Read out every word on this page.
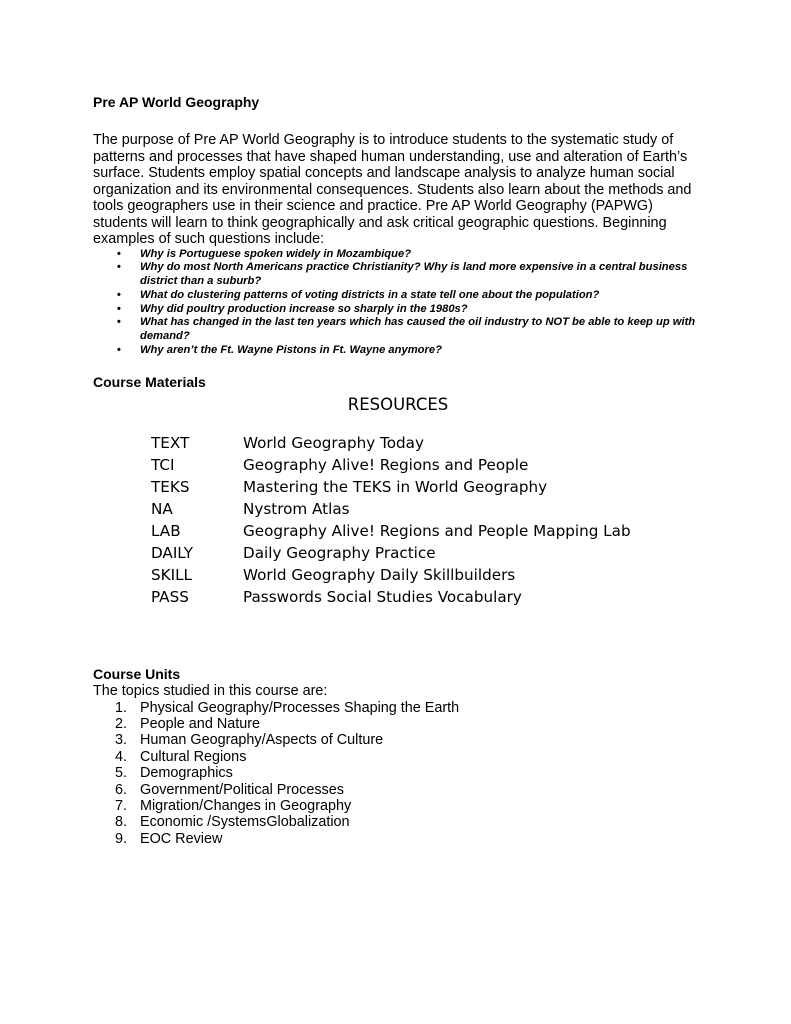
Pre AP World Geography

The purpose of Pre AP World Geography is to introduce students to the systematic study of patterns and processes that have shaped human understanding, use and alteration of Earth’s surface. Students employ spatial concepts and landscape analysis to analyze human social organization and its environmental consequences. Students also learn about the methods and tools geographers use in their science and practice. Pre AP World Geography (PAPWG) students will learn to think geographically and ask critical geographic questions. Beginning examples of such questions include:

• Why is Portuguese spoken widely in Mozambique?
• Why do most North Americans practice Christianity? Why is land more expensive in a central business district than a suburb?
• What do clustering patterns of voting districts in a state tell one about the population?
• Why did poultry production increase so sharply in the 1980s?
• What has changed in the last ten years which has caused the oil industry to NOT be able to keep up with demand?
• Why aren’t the Ft. Wayne Pistons in Ft. Wayne anymore?

Course Materials

RESOURCES

TEXT	World Geography Today
TCI	Geography Alive! Regions and People
TEKS	Mastering the TEKS in World Geography
NA	Nystrom Atlas
LAB	Geography Alive! Regions and People Mapping Lab
DAILY	Daily Geography Practice
SKILL	World Geography Daily Skillbuilders
PASS	Passwords Social Studies Vocabulary

Course Units

The topics studied in this course are:

1. Physical Geography/Processes Shaping the Earth
2. People and Nature
3. Human Geography/Aspects of Culture
4. Cultural Regions
5. Demographics
6. Government/Political Processes
7. Migration/Changes in Geography
8. Economic /SystemsGlobalization
9. EOC Review
